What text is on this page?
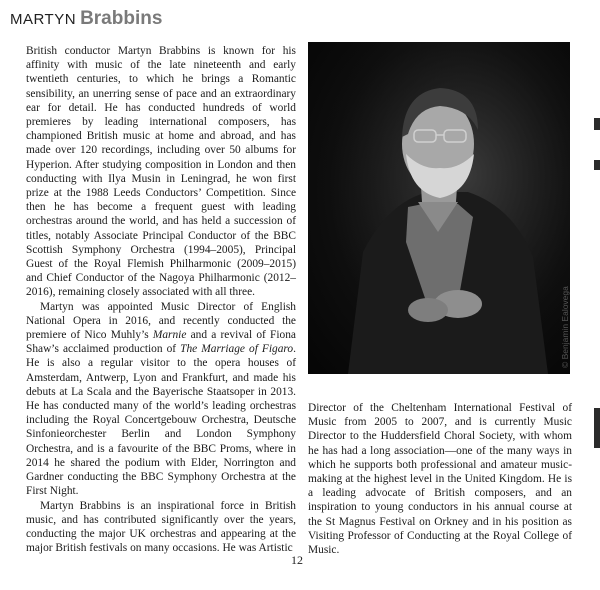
MARTYN Brabbins

British conductor Martyn Brabbins is known for his affinity with music of the late nineteenth and early twentieth centuries, to which he brings a Romantic sensibility, an unerring sense of pace and an extraordinary ear for detail. He has conducted hundreds of world premieres by leading international composers, has championed British music at home and abroad, and has made over 120 recordings, including over 50 albums for Hyperion. After studying composition in London and then conducting with Ilya Musin in Leningrad, he won first prize at the 1988 Leeds Conductors’ Competition. Since then he has become a frequent guest with leading orchestras around the world, and has held a succession of titles, notably Associate Principal Conductor of the BBC Scottish Symphony Orchestra (1994–2005), Principal Guest of the Royal Flemish Philharmonic (2009–2015) and Chief Conductor of the Nagoya Philharmonic (2012–2016), remaining closely associated with all three.

Martyn was appointed Music Director of English National Opera in 2016, and recently conducted the premiere of Nico Muhly’s Marnie and a revival of Fiona Shaw’s acclaimed production of The Marriage of Figaro. He is also a regular visitor to the opera houses of Amsterdam, Antwerp, Lyon and Frankfurt, and made his debuts at La Scala and the Bayerische Staatsoper in 2013. He has conducted many of the world’s leading orchestras including the Royal Concertgebouw Orchestra, Deutsche Sinfonieorchester Berlin and London Symphony Orchestra, and is a favourite of the BBC Proms, where in 2014 he shared the podium with Elder, Norrington and Gardner conducting the BBC Symphony Orchestra at the First Night.

Martyn Brabbins is an inspirational force in British music, and has contributed significantly over the years, conducting the major UK orchestras and appearing at the major British festivals on many occasions. He was Artistic

© Benjamin Ealovega

Director of the Cheltenham International Festival of Music from 2005 to 2007, and is currently Music Director to the Huddersfield Choral Society, with whom he has had a long association—one of the many ways in which he supports both professional and amateur music-making at the highest level in the United Kingdom. He is a leading advocate of British composers, and an inspiration to young conductors in his annual course at the St Magnus Festival on Orkney and in his position as Visiting Professor of Conducting at the Royal College of Music.

12
